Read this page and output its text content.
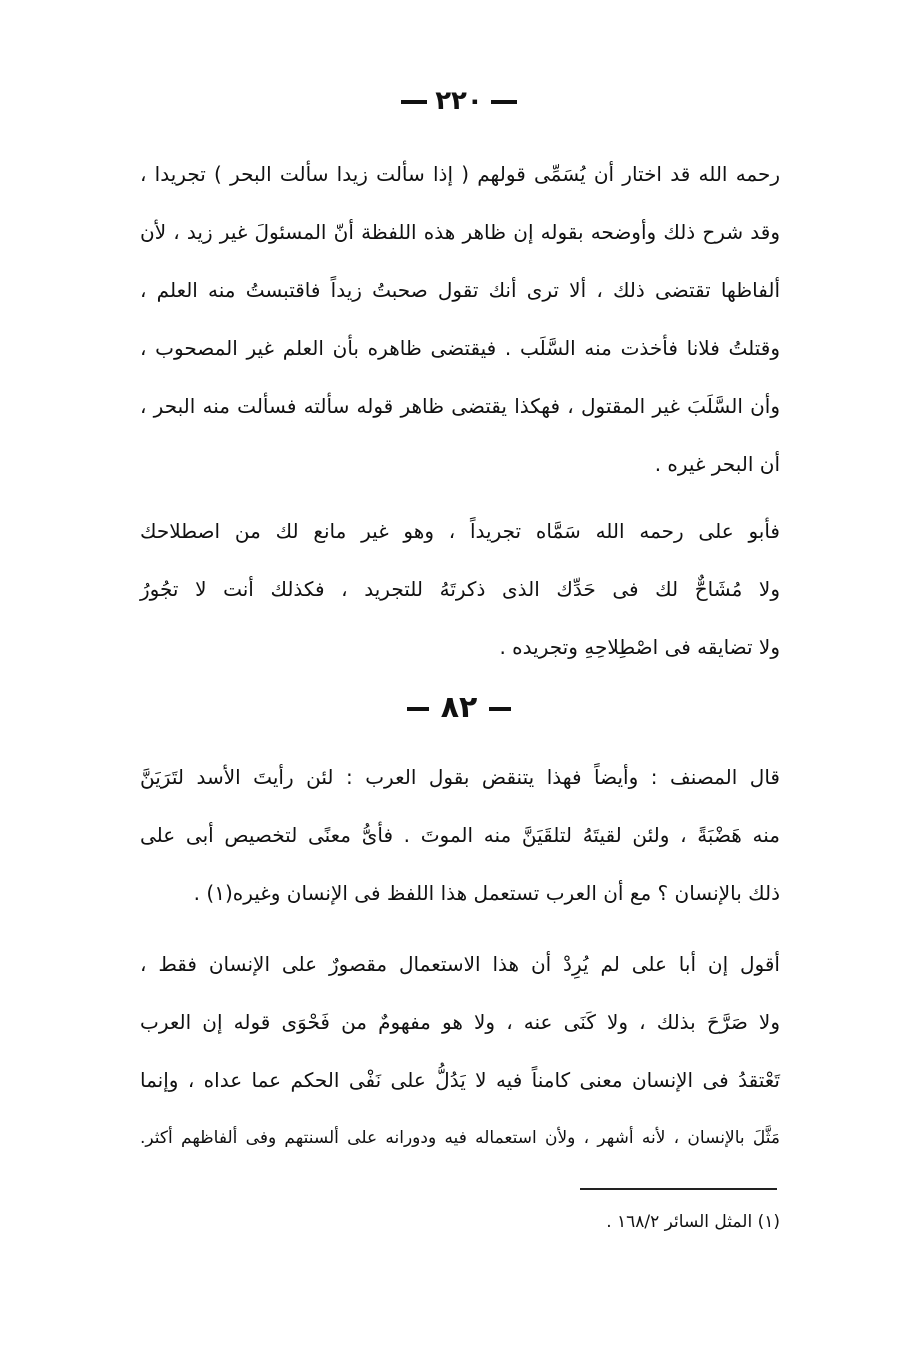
٢٢٠
رحمه الله قد اختار أن يُسَمِّى قولهم ( إذا سألت زيدا سألت البحر ) تجريدا ،
وقد شرح ذلك وأوضحه بقوله إن ظاهر هذه اللفظة أنّ المسئولَ غير زيد ، لأن
ألفاظها تقتضى ذلك ، ألا ترى أنك تقول صحبتُ زيداً فاقتبستُ منه العلم ،
وقتلتُ فلانا فأخذت منه السَّلَب . فيقتضى ظاهره بأن العلم غير المصحوب ،
وأن السَّلَبَ غير المقتول ، فهكذا يقتضى ظاهر قوله سألته فسألت منه البحر ،
أن البحر غيره .
فأبو على رحمه الله سَمَّاه تجريداً ، وهو غير مانع لك من اصطلاحك
ولا مُشَاحٌّ لك فى حَدِّك الذى ذكرتَهُ للتجريد ، فكذلك أنت لا تجُورُ
ولا تضايقه فى اصْطِلاحِهِ وتجريده .
٨٢
قال المصنف : وأيضاً فهذا يتنقض بقول العرب : لئن رأيتَ الأسد لتَرَيَنَّ
منه هَضْبَةً ، ولئن لقيتَهُ لتلقَيَنَّ منه الموتَ . فأىُّ معنًى لتخصيص أبى على
ذلك بالإنسان ؟ مع أن العرب تستعمل هذا اللفظ فى الإنسان وغيره(١) .
أقول إن أبا على لم يُرِدْ أن هذا الاستعمال مقصورٌ على الإنسان فقط ،
ولا صَرَّحَ بذلك ، ولا كَنَى عنه ، ولا هو مفهومٌ من فَحْوَى قوله إن العرب
تَعْتقدُ فى الإنسان معنى كامناً فيه لا يَدُلُّ على نَفْى الحكم عما عداه ، وإنما
مَثَّلَ بالإنسان ، لأنه أشهر ، ولأن استعماله فيه ودورانه على ألسنتهم وفى ألفاظهم أكثر.
(١) المثل السائر ١٦٨/٢ .
